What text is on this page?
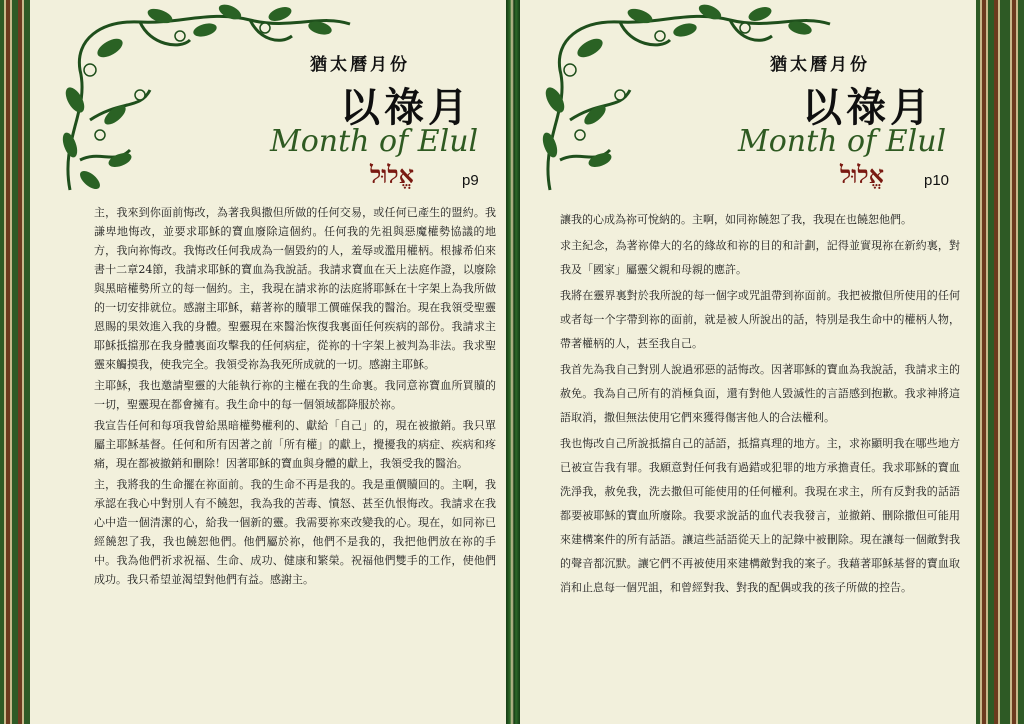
猶太曆月份
以祿月
Month of Elul
אֱלוּל	p9

主，我來到你面前悔改，為著我與撒但所做的任何交易，或任何已產生的盟約。我謙卑地悔改，並要求耶穌的寶血廢除這個約。任何我的先祖與惡魔權勢協議的地方，我向祢悔改。我悔改任何我成為一個毀約的人，羞辱或濫用權柄。根據希伯來書十二章24節，我請求耶穌的寶血為我說話。我請求寶血在天上法庭作證，以廢除與黑暗權勢所立的每一個約。主，我現在請求祢的法庭將耶穌在十字架上為我所做的一切安排就位。感謝主耶穌，藉著祢的贖罪工價確保我的醫治。現在我領受聖靈恩賜的果效進入我的身體。聖靈現在來醫治恢復我裏面任何疾病的部份。我請求主耶穌抵擋那在我身體裏面攻擊我的任何病症，從祢的十字架上被判為非法。我求聖靈來觸摸我，使我完全。我領受祢為我死所成就的一切。感謝主耶穌。

主耶穌，我也邀請聖靈的大能執行祢的主權在我的生命裏。我同意祢寶血所買贖的一切，聖靈現在都會擁有。我生命中的每一個領域都降服於祢。

我宣告任何和每項我曾給黑暗權勢權利的、獻給「自己」的，現在被撤銷。我只單屬主耶穌基督。任何和所有因著之前「所有權」的獻上，攪擾我的病症、疾病和疼痛，現在都被撤銷和刪除！因著耶穌的寶血與身體的獻上，我領受我的醫治。

主，我將我的生命擺在祢面前。我的生命不再是我的。我是重價贖回的。主啊，我承認在我心中對別人有不饒恕，我為我的苦毒、憤怒、甚至仇恨悔改。我請求在我心中造一個清潔的心，給我一個新的靈。我需要祢來改變我的心。現在，如同祢已經饒恕了我，我也饒恕他們。他們屬於祢，他們不是我的，我把他們放在祢的手中。我為他們祈求祝福、生命、成功、健康和繁榮。祝福他們雙手的工作，使他們成功。我只希望並渴望對他們有益。感謝主。

猶太曆月份
以祿月
Month of Elul
אֱלוּל	p10

讓我的心成為祢可悅納的。主啊，如同祢饒恕了我，我現在也饒恕他們。

求主紀念，為著祢偉大的名的緣故和祢的目的和計劃，記得並實現祢在新約裏，對我及「國家」屬靈父親和母親的應許。

我將在靈界裏對於我所說的每一個字或咒詛帶到祢面前。我把被撒但所使用的任何或者每一个字帶到祢的面前，就是被人所說出的話，特別是我生命中的權柄人物，帶著權柄的人，甚至我自己。

我首先為我自己對別人說過邪惡的話悔改。因著耶穌的寶血為我說話，我請求主的赦免。我為自己所有的消極負面，還有對他人毀滅性的言語感到抱歉。我求神將這語取消，撒但無法使用它們來獲得傷害他人的合法權利。

我也悔改自己所說抵擋自己的話語，抵擋真理的地方。主，求祢顯明我在哪些地方已被宣告我有罪。我願意對任何我有過錯或犯罪的地方承擔責任。我求耶穌的寶血洗淨我，赦免我，洗去撒但可能使用的任何權利。我現在求主，所有反對我的話語都要被耶穌的寶血所廢除。我要求說話的血代表我發言，並撤銷、刪除撒但可能用來建構案件的所有話語。讓這些話語從天上的記錄中被刪除。現在讓每一個敵對我的聲音都沉默。讓它們不再被使用來建構敵對我的案子。我藉著耶穌基督的寶血取消和止息每一個咒詛，和曾經對我、對我的配偶或我的孩子所做的控告。
